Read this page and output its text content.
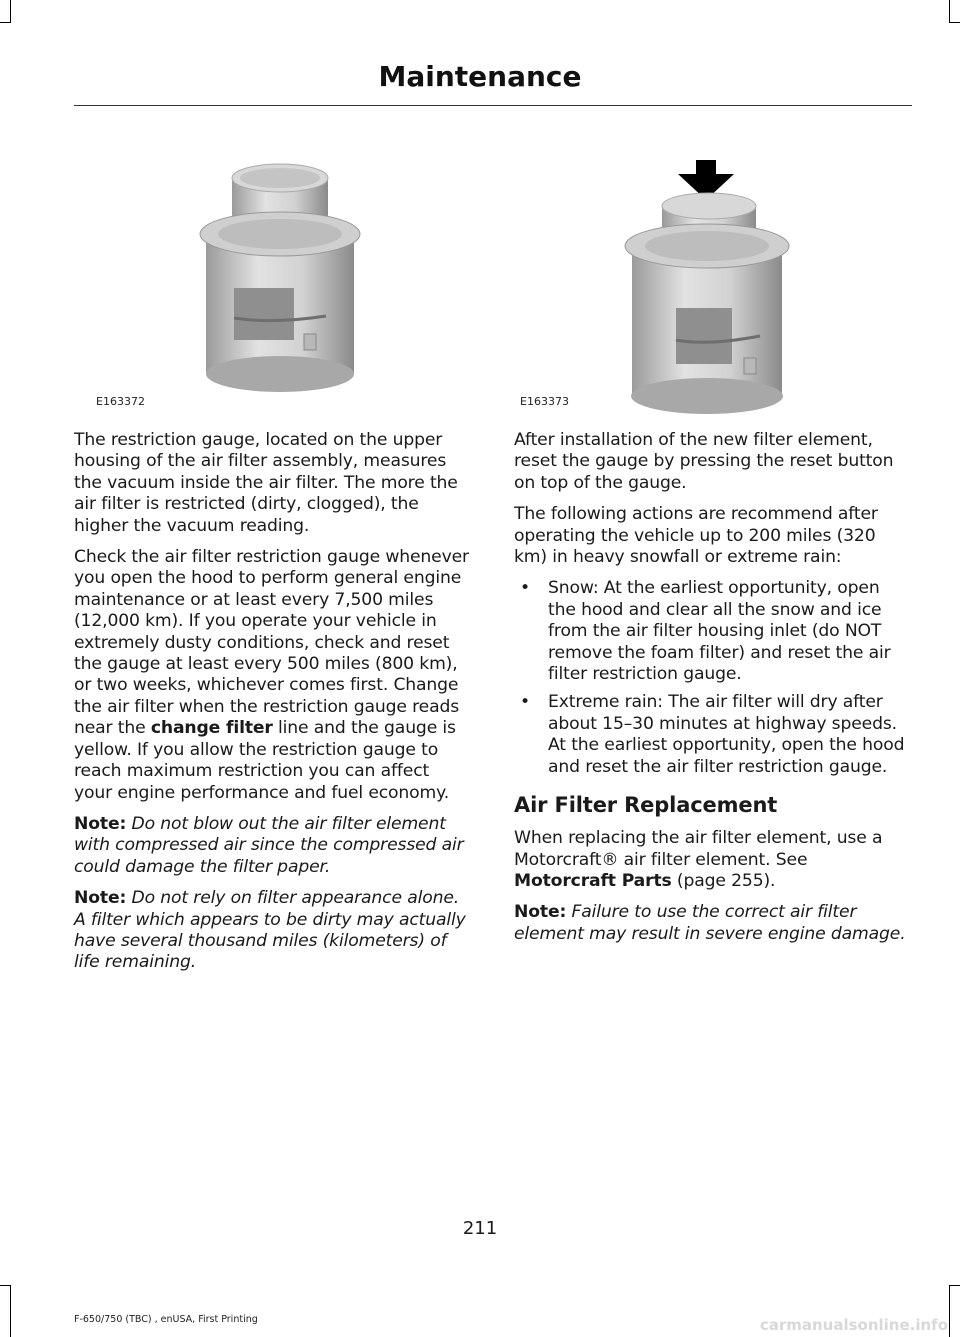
Maintenance
E163372	E163373

The restriction gauge, located on the upper housing of the air filter assembly, measures the vacuum inside the air filter. The more the air filter is restricted (dirty, clogged), the higher the vacuum reading.

Check the air filter restriction gauge whenever you open the hood to perform general engine maintenance or at least every 7,500 miles (12,000 km). If you operate your vehicle in extremely dusty conditions, check and reset the gauge at least every 500 miles (800 km), or two weeks, whichever comes first. Change the air filter when the restriction gauge reads near the change filter line and the gauge is yellow. If you allow the restriction gauge to reach maximum restriction you can affect your engine performance and fuel economy.

Note: Do not blow out the air filter element with compressed air since the compressed air could damage the filter paper.

Note: Do not rely on filter appearance alone. A filter which appears to be dirty may actually have several thousand miles (kilometers) of life remaining.

After installation of the new filter element, reset the gauge by pressing the reset button on top of the gauge.

The following actions are recommend after operating the vehicle up to 200 miles (320 km) in heavy snowfall or extreme rain:

• Snow: At the earliest opportunity, open the hood and clear all the snow and ice from the air filter housing inlet (do NOT remove the foam filter) and reset the air filter restriction gauge.
• Extreme rain: The air filter will dry after about 15–30 minutes at highway speeds. At the earliest opportunity, open the hood and reset the air filter restriction gauge.
Air Filter Replacement

When replacing the air filter element, use a Motorcraft® air filter element. See Motorcraft Parts (page 255).

Note: Failure to use the correct air filter element may result in severe engine damage.

211
F-650/750 (TBC) , enUSA, First Printing	carmanualsonline.info
